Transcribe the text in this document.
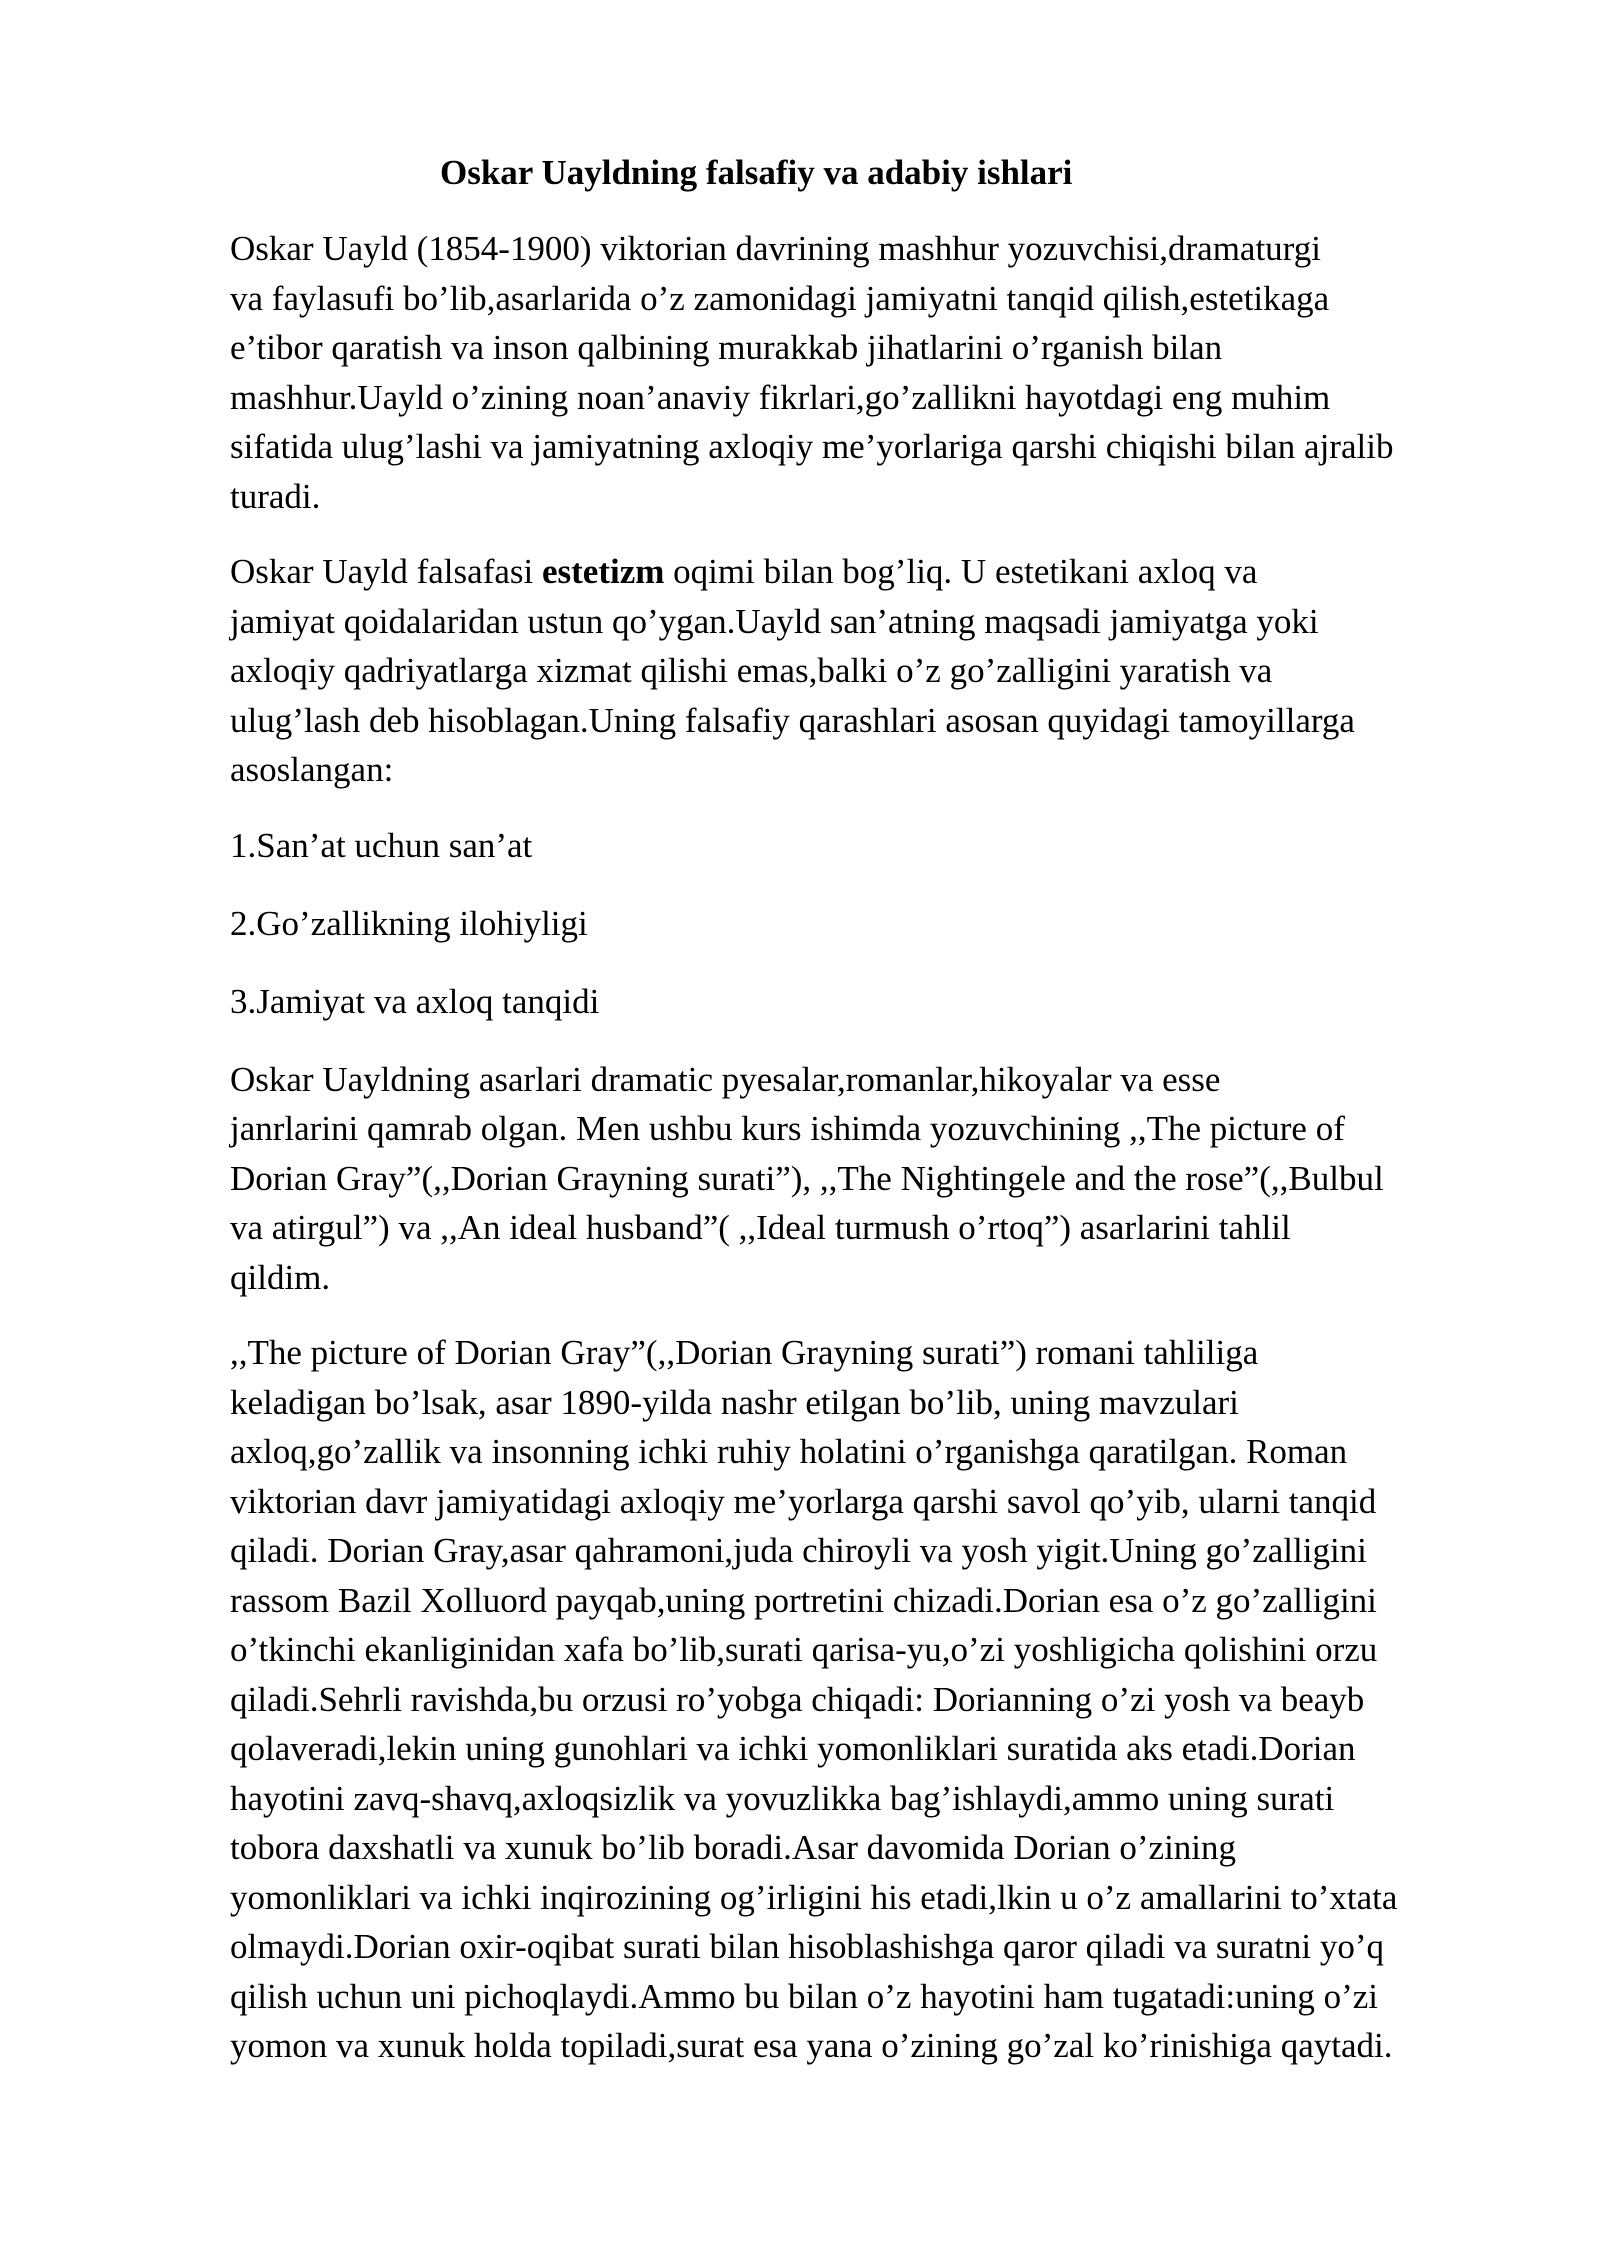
Oskar Uayldning falsafiy va adabiy ishlari
Oskar Uayld (1854-1900) viktorian davrining mashhur yozuvchisi,dramaturgi
va faylasufi bo’lib,asarlarida o’z zamonidagi jamiyatni tanqid qilish,estetikaga
e’tibor qaratish va inson qalbining murakkab jihatlarini o’rganish bilan
mashhur.Uayld o’zining noan’anaviy fikrlari,go’zallikni hayotdagi eng muhim
sifatida ulug’lashi va jamiyatning axloqiy me’yorlariga qarshi chiqishi bilan ajralib
turadi.
Oskar Uayld falsafasi estetizm oqimi bilan bog’liq. U estetikani axloq va
jamiyat qoidalaridan ustun qo’ygan.Uayld san’atning maqsadi jamiyatga yoki
axloqiy qadriyatlarga xizmat qilishi emas,balki o’z go’zalligini yaratish va
ulug’lash deb hisoblagan.Uning falsafiy qarashlari asosan quyidagi tamoyillarga
asoslangan:
1.San’at uchun san’at
2.Go’zallikning ilohiyligi
3.Jamiyat va axloq tanqidi
Oskar Uayldning asarlari dramatic pyesalar,romanlar,hikoyalar va esse
janrlarini qamrab olgan. Men ushbu kurs ishimda yozuvchining ,,The picture of
Dorian Gray”(,,Dorian Grayning surati”), ,,The Nightingele and the rose”(,,Bulbul
va atirgul”) va ,,An ideal husband”( ,,Ideal turmush o’rtoq”) asarlarini tahlil
qildim.
,,The picture of Dorian Gray”(,,Dorian Grayning surati”) romani tahliliga
keladigan bo’lsak, asar 1890-yilda nashr etilgan bo’lib, uning mavzulari
axloq,go’zallik va insonning ichki ruhiy holatini o’rganishga qaratilgan. Roman
viktorian davr jamiyatidagi axloqiy me’yorlarga qarshi savol qo’yib, ularni tanqid
qiladi. Dorian Gray,asar qahramoni,juda chiroyli va yosh yigit.Uning go’zalligini
rassom Bazil Xolluord payqab,uning portretini chizadi.Dorian esa o’z go’zalligini
o’tkinchi ekanliginidan xafa bo’lib,surati qarisa-yu,o’zi yoshligicha qolishini orzu
qiladi.Sehrli ravishda,bu orzusi ro’yobga chiqadi: Dorianning o’zi yosh va beayb
qolaveradi,lekin uning gunohlari va ichki yomonliklari suratida aks etadi.Dorian
hayotini zavq-shavq,axloqsizlik va yovuzlikka bag’ishlaydi,ammo uning surati
tobora daxshatli va xunuk bo’lib boradi.Asar davomida Dorian o’zining
yomonliklari va ichki inqirozining og’irligini his etadi,lkin u o’z amallarini to’xtata
olmaydi.Dorian oxir-oqibat surati bilan hisoblashishga qaror qiladi va suratni yo’q
qilish uchun uni pichoqlaydi.Ammo bu bilan o’z hayotini ham tugatadi:uning o’zi
yomon va xunuk holda topiladi,surat esa yana o’zining go’zal ko’rinishiga qaytadi.
